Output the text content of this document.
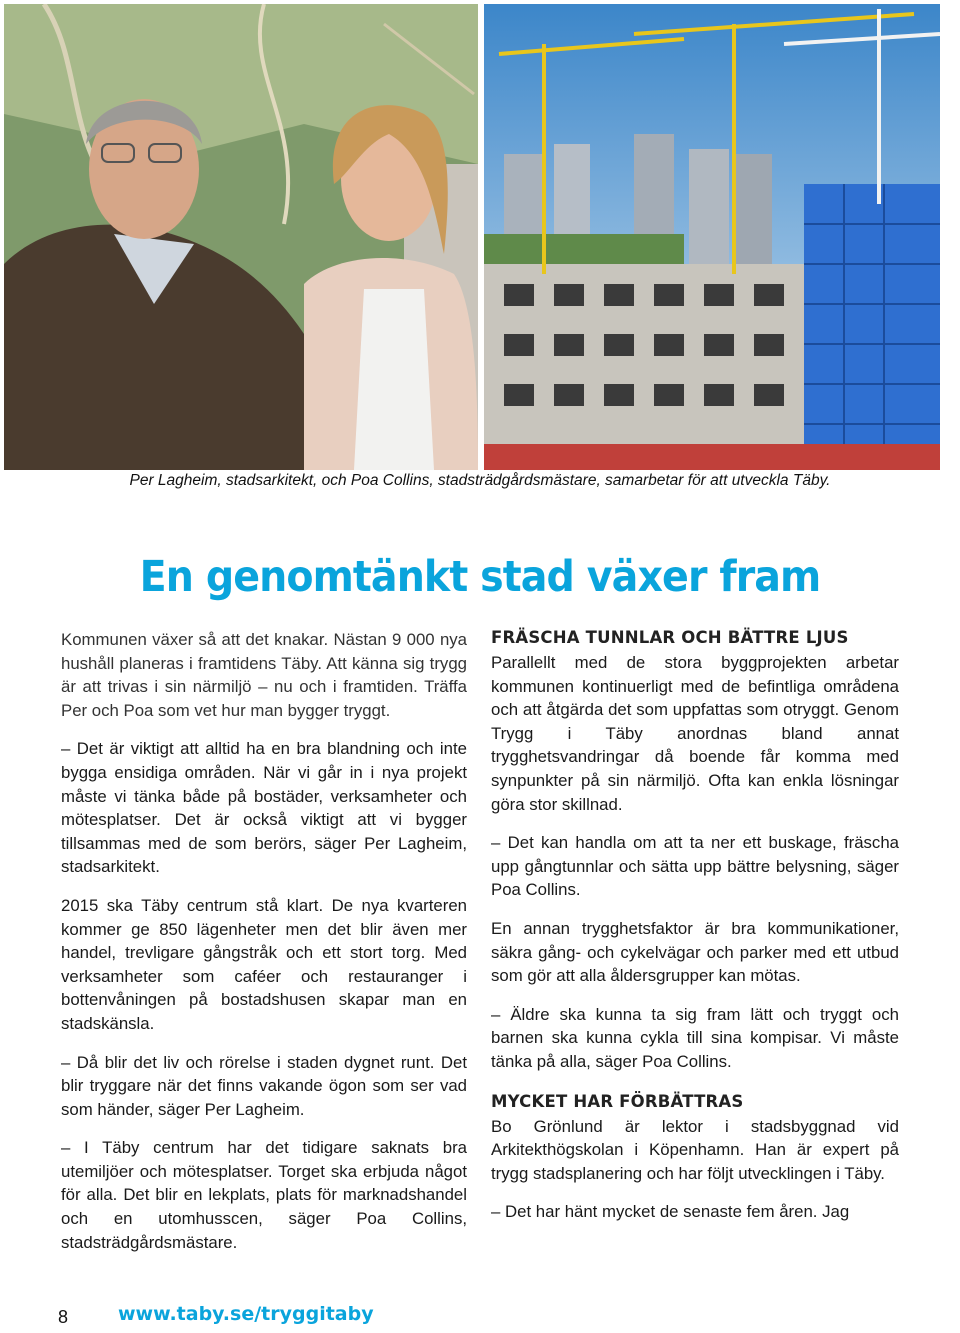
Per Lagheim, stadsarkitekt, och Poa Collins, stadsträdgårdsmästare, samarbetar för att utveckla Täby.
En genomtänkt stad växer fram

Kommunen växer så att det knakar. Nästan 9 000 nya hushåll planeras i framtidens Täby. Att känna sig trygg är att trivas i sin närmiljö – nu och i framtiden. Träffa Per och Poa som vet hur man bygger tryggt.

– Det är viktigt att alltid ha en bra blandning och inte bygga ensidiga områden. När vi går in i nya projekt måste vi tänka både på bostäder, verksamheter och mötesplatser. Det är också viktigt att vi bygger tillsammas med de som berörs, säger Per Lagheim, stadsarkitekt.

2015 ska Täby centrum stå klart. De nya kvarteren kommer ge 850 lägenheter men det blir även mer handel, trevligare gångstråk och ett stort torg. Med verksamheter som caféer och restauranger i bottenvåningen på bostadshusen skapar man en stadskänsla.

– Då blir det liv och rörelse i staden dygnet runt. Det blir tryggare när det finns vakande ögon som ser vad som händer, säger Per Lagheim.

– I Täby centrum har det tidigare saknats bra utemiljöer och mötesplatser. Torget ska erbjuda något för alla. Det blir en lekplats, plats för marknadshandel och en utomhusscen, säger Poa Collins, stadsträdgårdsmästare.

FRÄSCHA TUNNLAR OCH BÄTTRE LJUS

Parallellt med de stora byggprojekten arbetar kommunen kontinuerligt med de befintliga områdena och att åtgärda det som uppfattas som otryggt. Genom Trygg i Täby anordnas bland annat trygghetsvandringar då boende får komma med synpunkter på sin närmiljö. Ofta kan enkla lösningar göra stor skillnad.

– Det kan handla om att ta ner ett buskage, fräscha upp gångtunnlar och sätta upp bättre belysning, säger Poa Collins.

En annan trygghetsfaktor är bra kommunikationer, säkra gång- och cykelvägar och parker med ett utbud som gör att alla åldersgrupper kan mötas.

– Äldre ska kunna ta sig fram lätt och tryggt och barnen ska kunna cykla till sina kompisar. Vi måste tänka på alla, säger Poa Collins.

MYCKET HAR FÖRBÄTTRAS

Bo Grönlund är lektor i stadsbyggnad vid Arkitekthögskolan i Köpenhamn. Han är expert på trygg stadsplanering och har följt utvecklingen i Täby.

– Det har hänt mycket de senaste fem åren. Jag

8	www.taby.se/tryggitaby
